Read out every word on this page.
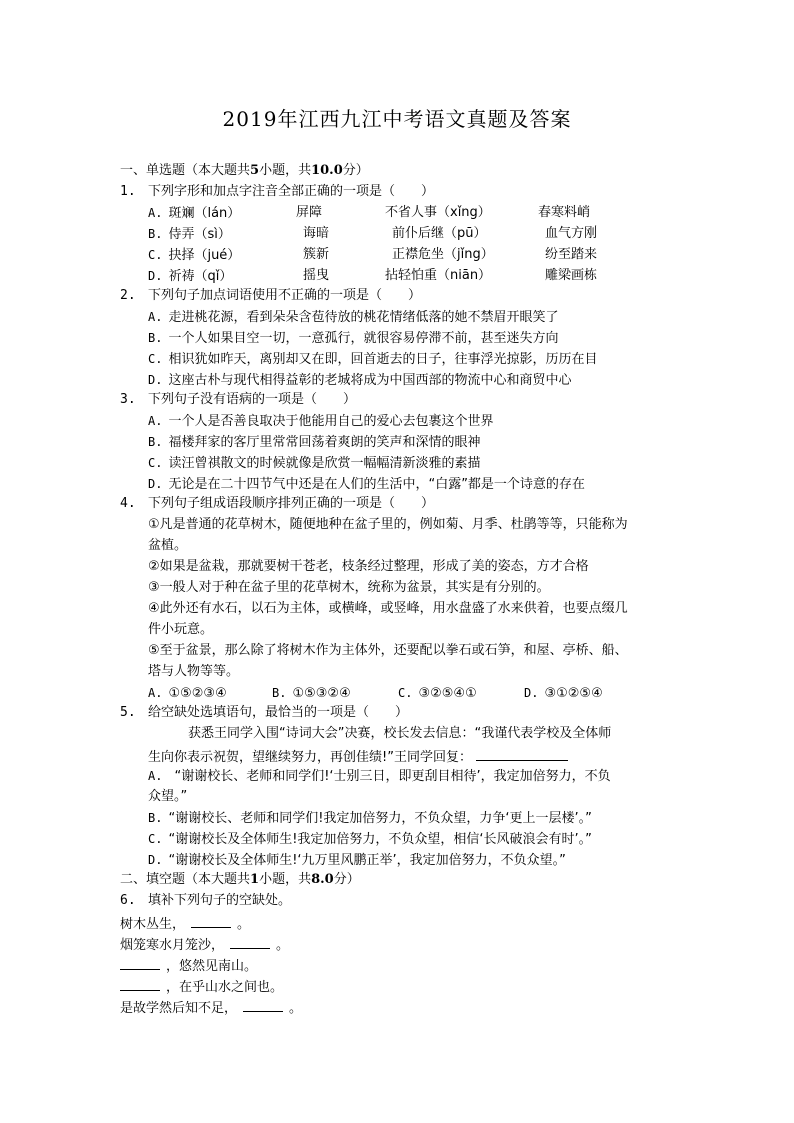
2019年江西九江中考语文真题及答案
一、单选题（本大题共5小题，共10.0分）
1. 下列字形和加点字注音全部正确的一项是（　　）
A. 斑斓（lán）	屏障	不省人事（xǐng）	春寒料峭
B. 侍弄（sì）	诲暗	前仆后继（pū）	血气方刚
C. 抉择（jué）	簇新	正襟危坐（jǐng）	纷至踏来
D. 祈祷（qǐ）	摇曳	拈轻怕重（niān）	雕梁画栋
2. 下列句子加点词语使用不正确的一项是（　　）
A. 走进桃花源，看到朵朵含苞待放的桃花情绪低落的她不禁眉开眼笑了
B. 一个人如果目空一切，一意孤行，就很容易停滞不前，甚至迷失方向
C. 相识犹如昨天，离别却又在即，回首逝去的日子，往事浮光掠影，历历在目
D. 这座古朴与现代相得益彰的老城将成为中国西部的物流中心和商贸中心
3. 下列句子没有语病的一项是（　　）
A. 一个人是否善良取决于他能用自己的爱心去包裹这个世界
B. 福楼拜家的客厅里常常回荡着爽朗的笑声和深情的眼神
C. 读汪曾祺散文的时候就像是欣赏一幅幅清新淡雅的素描
D. 无论是在二十四节气中还是在人们的生活中，“白露”都是一个诗意的存在
4. 下列句子组成语段顺序排列正确的一项是（　　）
①凡是普通的花草树木，随便地种在盆子里的，例如菊、月季、杜鹃等等，只能称为
盆植。
②如果是盆栽，那就要树干苍老，枝条经过整理，形成了美的姿态，方才合格
③一般人对于种在盆子里的花草树木，统称为盆景，其实是有分别的。
④此外还有水石，以石为主体，或横峰，或竖峰，用水盘盛了水来供着，也要点缀几
件小玩意。
⑤至于盆景，那么除了将树木作为主体外，还要配以拳石或石笋，和屋、亭桥、船、
塔与人物等等。
A. ①⑤②③④	B. ①⑤③②④	C. ③②⑤④①	D. ③①②⑤④
5. 给空缺处选填语句，最恰当的一项是（　　）
获悉王同学入围“诗词大会”决赛，校长发去信息：“我谨代表学校及全体师
生向你表示祝贺，望继续努力，再创佳绩!”王同学回复：
A. “谢谢校长、老师和同学们!‘士别三日，即更刮目相待’，我定加倍努力，不负
众望。”
B. “谢谢校长、老师和同学们!我定加倍努力，不负众望，力争‘更上一层楼’。”
C. “谢谢校长及全体师生!我定加倍努力，不负众望，相信‘长风破浪会有时’。”
D. “谢谢校长及全体师生!‘九万里风鹏正举’，我定加倍努力，不负众望。”
二、填空题（本大题共1小题，共8.0分）
6. 填补下列句子的空缺处。
树木丛生，	。
烟笼寒水月笼沙，	。
，悠然见南山。
，在乎山水之间也。
是故学然后知不足，	。
